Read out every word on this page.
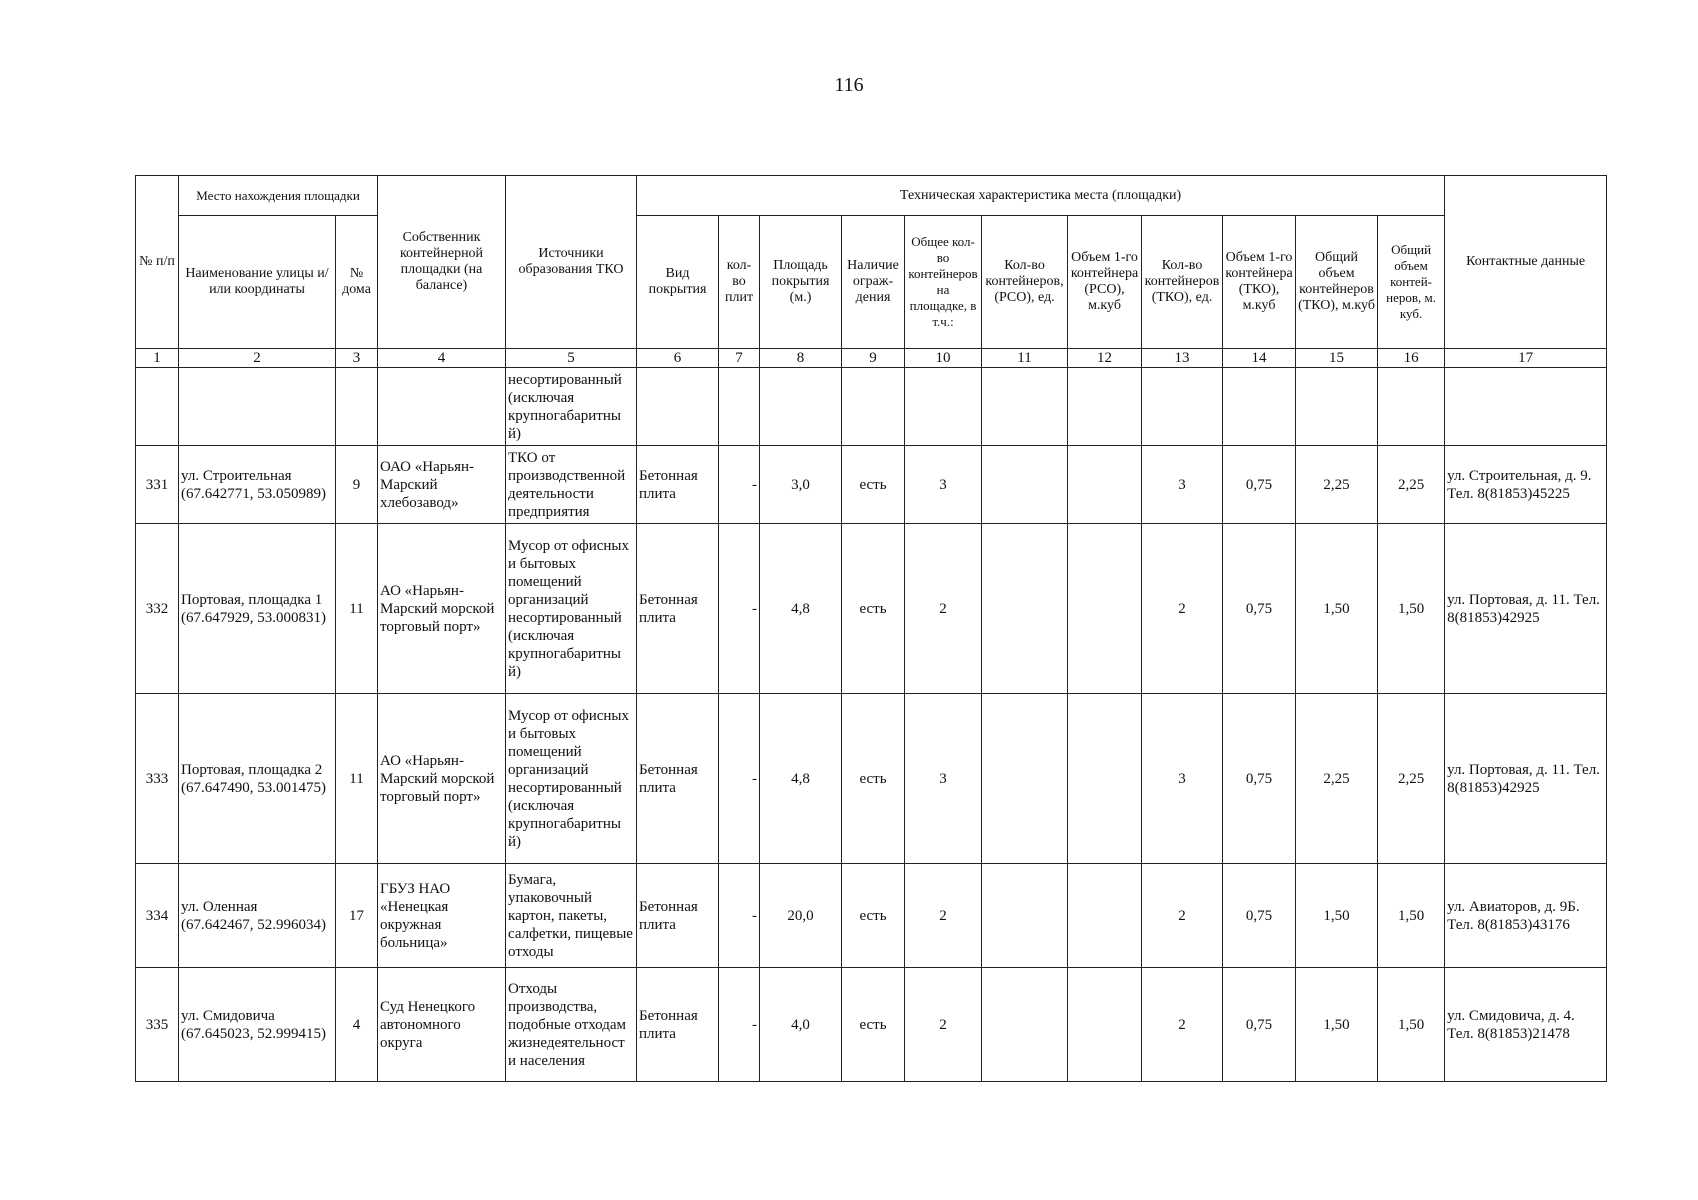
116
№ п/п	Место нахождения площадки		Собственник контейнерной площадки (на балансе)	Источники образования ТКО	Техническая характеристика места (площадки)											Контактные данные
	Наименование улицы и/или координаты	№ дома			Вид покрытия	кол-во плит	Площадь покрытия (м.)	Наличие ограж-дения	Общее кол-во контейнеров на площадке, в т.ч.:	Кол-во контейнеров, (РСО), ед.	Объем 1-го контейнера (РСО), м.куб	Кол-во контейнеров (ТКО), ед.	Объем 1-го контейнера (ТКО), м.куб	Общий объем контейнеров (ТКО), м.куб	Общий объем контей-неров, м. куб.	
1	2	3	4	5	6	7	8	9	10	11	12	13	14	15	16	17
				несортированный (исключая крупногабаритны й)												
331	ул. Строительная (67.642771, 53.050989)	9	ОАО «Нарьян-Марский хлебозавод»	ТКО от производственной деятельности предприятия	Бетонная плита	-	3,0	есть	3			3	0,75	2,25	2,25	ул. Строительная, д. 9. Тел. 8(81853)45225
332	Портовая, площадка 1 (67.647929, 53.000831)	11	АО «Нарьян-Марский морской торговый порт»	Мусор от офисных и бытовых помещений организаций несортированный (исключая крупногабаритны й)	Бетонная плита	-	4,8	есть	2			2	0,75	1,50	1,50	ул. Портовая, д. 11. Тел. 8(81853)42925
333	Портовая, площадка 2 (67.647490, 53.001475)	11	АО «Нарьян-Марский морской торговый порт»	Мусор от офисных и бытовых помещений организаций несортированный (исключая крупногабаритны й)	Бетонная плита	-	4,8	есть	3			3	0,75	2,25	2,25	ул. Портовая, д. 11. Тел. 8(81853)42925
334	ул. Оленная (67.642467, 52.996034)	17	ГБУЗ НАО «Ненецкая окружная больница»	Бумага, упаковочный картон, пакеты, салфетки, пищевые отходы	Бетонная плита	-	20,0	есть	2			2	0,75	1,50	1,50	ул. Авиаторов, д. 9Б. Тел. 8(81853)43176
335	ул. Смидовича (67.645023, 52.999415)	4	Суд Ненецкого автономного округа	Отходы производства, подобные отходам жизнедеятельност и населения	Бетонная плита	-	4,0	есть	2			2	0,75	1,50	1,50	ул. Смидовича, д. 4. Тел. 8(81853)21478
